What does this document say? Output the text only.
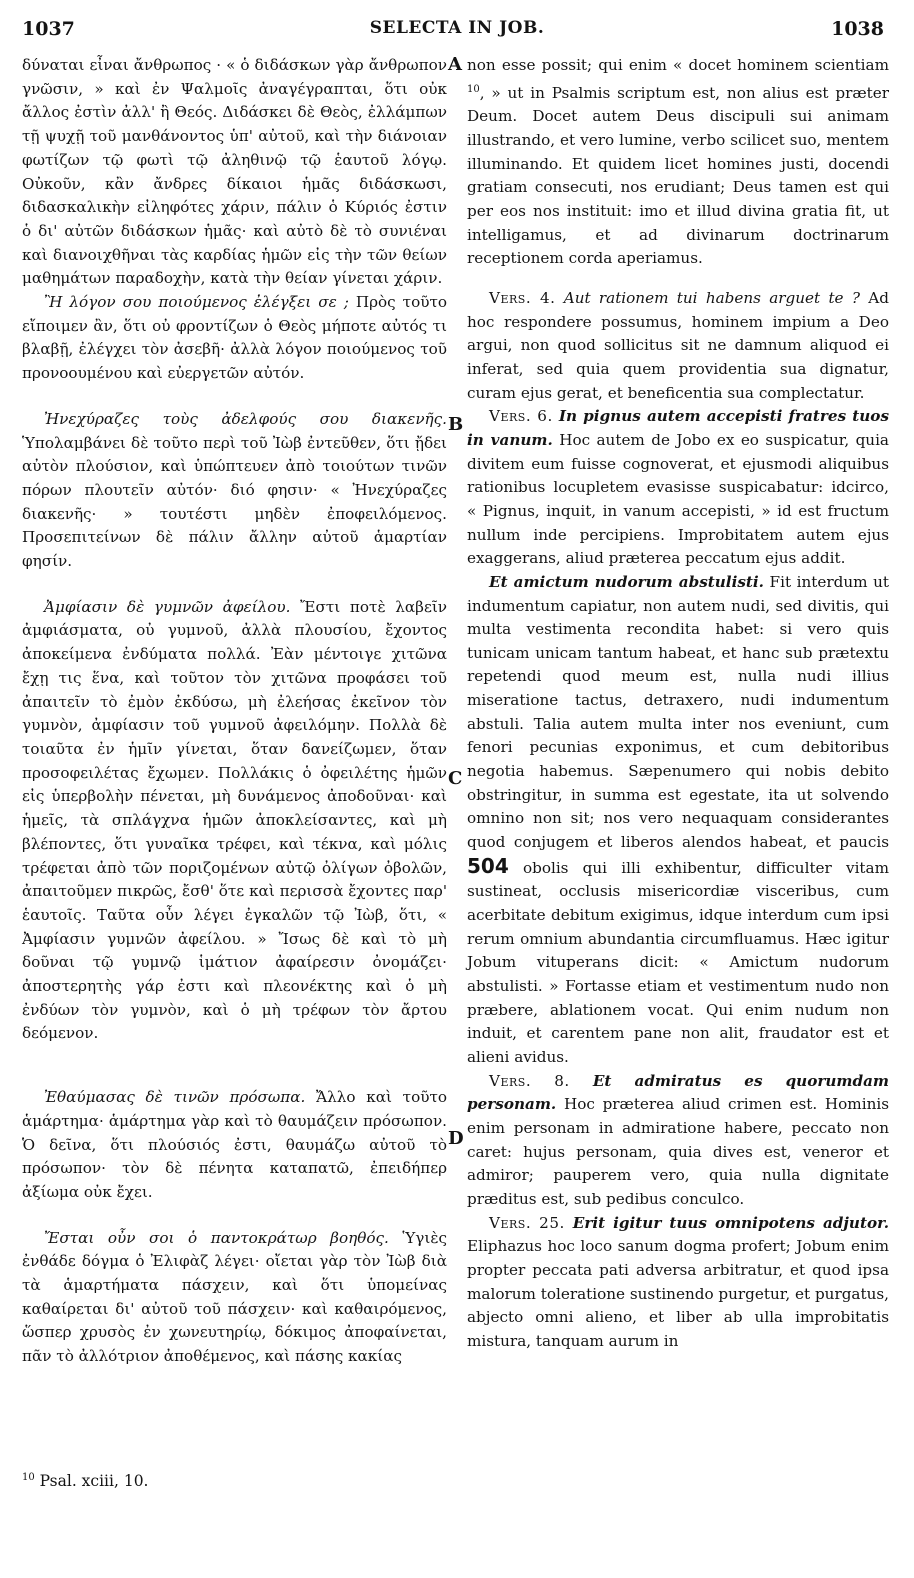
1037	SELECTA IN JOB.	1038
A
B
C
D

δύναται εἶναι ἄνθρωπος · « ὁ διδάσκων γὰρ ἄνθρωπον γνῶσιν, » καὶ ἐν Ψαλμοῖς ἀναγέγραπται, ὅτι οὐκ ἄλλος ἐστὶν ἀλλ' ἢ Θεός. Διδάσκει δὲ Θεὸς, ἐλλάμπων τῇ ψυχῇ τοῦ μανθάνοντος ὑπ' αὐτοῦ, καὶ τὴν διάνοιαν φωτίζων τῷ φωτὶ τῷ ἀληθινῷ τῷ ἑαυτοῦ λόγῳ. Οὐκοῦν, κἂν ἄνδρες δίκαιοι ἡμᾶς διδάσκωσι, διδασκαλικὴν εἰληφότες χάριν, πάλιν ὁ Κύριός ἐστιν ὁ δι' αὐτῶν διδάσκων ἡμᾶς· καὶ αὐτὸ δὲ τὸ συνιέναι καὶ διανοιχθῆναι τὰς καρδίας ἡμῶν εἰς τὴν τῶν θείων μαθημάτων παραδοχὴν, κατὰ τὴν θείαν γίνεται χάριν.

Ἢ λόγον σου ποιούμενος ἐλέγξει σε ; Πρὸς τοῦτο εἴποιμεν ἂν, ὅτι οὐ φροντίζων ὁ Θεὸς μήποτε αὐτός τι βλαβῇ, ἐλέγχει τὸν ἀσεβῆ· ἀλλὰ λόγον ποιούμενος τοῦ προνοουμένου καὶ εὐεργετῶν αὐτόν.

Ἠνεχύραζες τοὺς ἀδελφούς σου διακενῆς. Ὑπολαμβάνει δὲ τοῦτο περὶ τοῦ Ἰὼβ ἐντεῦθεν, ὅτι ᾔδει αὐτὸν πλούσιον, καὶ ὑπώπτευεν ἀπὸ τοιούτων τινῶν πόρων πλουτεῖν αὐτόν· διό φησιν· « Ἠνεχύραζες διακενῆς· » τουτέστι μηδὲν ἐποφειλόμενος. Προσεπιτείνων δὲ πάλιν ἄλλην αὐτοῦ ἁμαρτίαν φησίν.

Ἀμφίασιν δὲ γυμνῶν ἀφείλου. Ἔστι ποτὲ λαβεῖν ἀμφιάσματα, οὐ γυμνοῦ, ἀλλὰ πλουσίου, ἔχοντος ἀποκείμενα ἐνδύματα πολλά. Ἐὰν μέντοιγε χιτῶνα ἔχῃ τις ἕνα, καὶ τοῦτον τὸν χιτῶνα προφάσει τοῦ ἀπαιτεῖν τὸ ἐμὸν ἐκδύσω, μὴ ἐλεήσας ἐκεῖνον τὸν γυμνὸν, ἀμφίασιν τοῦ γυμνοῦ ἀφειλόμην. Πολλὰ δὲ τοιαῦτα ἐν ἡμῖν γίνεται, ὅταν δανείζωμεν, ὅταν προσοφειλέτας ἔχωμεν. Πολλάκις ὁ ὀφειλέτης ἡμῶν εἰς ὑπερβολὴν πένεται, μὴ δυνάμενος ἀποδοῦναι· καὶ ἡμεῖς, τὰ σπλάγχνα ἡμῶν ἀποκλείσαντες, καὶ μὴ βλέποντες, ὅτι γυναῖκα τρέφει, καὶ τέκνα, καὶ μόλις τρέφεται ἀπὸ τῶν ποριζομένων αὐτῷ ὀλίγων ὀβολῶν, ἀπαιτοῦμεν πικρῶς, ἔσθ' ὅτε καὶ περισσὰ ἔχοντες παρ' ἑαυτοῖς. Ταῦτα οὖν λέγει ἐγκαλῶν τῷ Ἰὼβ, ὅτι, « Ἀμφίασιν γυμνῶν ἀφείλου. » Ἴσως δὲ καὶ τὸ μὴ δοῦναι τῷ γυμνῷ ἱμάτιον ἀφαίρεσιν ὀνομάζει· ἀποστερητὴς γάρ ἐστι καὶ πλεονέκτης καὶ ὁ μὴ ἐνδύων τὸν γυμνὸν, καὶ ὁ μὴ τρέφων τὸν ἄρτου δεόμενον.

Ἐθαύμασας δὲ τινῶν πρόσωπα. Ἄλλο καὶ τοῦτο ἁμάρτημα· ἁμάρτημα γὰρ καὶ τὸ θαυμάζειν πρόσωπον. Ὁ δεῖνα, ὅτι πλούσιός ἐστι, θαυμάζω αὐτοῦ τὸ πρόσωπον· τὸν δὲ πένητα καταπατῶ, ἐπειδήπερ ἀξίωμα οὐκ ἔχει.

Ἔσται οὖν σοι ὁ παντοκράτωρ βοηθός. Ὑγιὲς ἐνθάδε δόγμα ὁ Ἐλιφὰζ λέγει· οἴεται γὰρ τὸν Ἰὼβ διὰ τὰ ἁμαρτήματα πάσχειν, καὶ ὅτι ὑπομείνας καθαίρεται δι' αὐτοῦ τοῦ πάσχειν· καὶ καθαιρόμενος, ὥσπερ χρυσὸς ἐν χωνευτηρίῳ, δόκιμος ἀποφαίνεται, πᾶν τὸ ἀλλότριον ἀποθέμενος, καὶ πάσης κακίας

non esse possit; qui enim « docet hominem scientiam $^{10}$, » ut in Psalmis scriptum est, non alius est præter Deum. Docet autem Deus discipuli sui animam illustrando, et vero lumine, verbo scilicet suo, mentem illuminando. Et quidem licet homines justi, docendi gratiam consecuti, nos erudiant; Deus tamen est qui per eos nos instituit: imo et illud divina gratia fit, ut intelligamus, et ad divinarum doctrinarum receptionem corda aperiamus.

Vers. 4. Aut rationem tui habens arguet te ? Ad hoc respondere possumus, hominem impium a Deo argui, non quod sollicitus sit ne damnum aliquod ei inferat, sed quia quem providentia sua dignatur, curam ejus gerat, et beneficentia sua complectatur.

Vers. 6. In pignus autem accepisti fratres tuos in vanum. Hoc autem de Jobo ex eo suspicatur, quia divitem eum fuisse cognoverat, et ejusmodi aliquibus rationibus locupletem evasisse suspicabatur: idcirco, « Pignus, inquit, in vanum accepisti, » id est fructum nullum inde percipiens. Improbitatem autem ejus exaggerans, aliud præterea peccatum ejus addit.

Et amictum nudorum abstulisti. Fit interdum ut indumentum capiatur, non autem nudi, sed divitis, qui multa vestimenta recondita habet: si vero quis tunicam unicam tantum habeat, et hanc sub prætextu repetendi quod meum est, nulla nudi illius miseratione tactus, detraxero, nudi indumentum abstuli. Talia autem multa inter nos eveniunt, cum fenori pecunias exponimus, et cum debitoribus negotia habemus. Sæpenumero qui nobis debito obstringitur, in summa est egestate, ita ut solvendo omnino non sit; nos vero nequaquam considerantes quod conjugem et liberos alendos habeat, et paucis 504 obolis qui illi exhibentur, difficulter vitam sustineat, occlusis misericordiæ visceribus, cum acerbitate debitum exigimus, idque interdum cum ipsi rerum omnium abundantia circumfluamus. Hæc igitur Jobum vituperans dicit: « Amictum nudorum abstulisti. » Fortasse etiam et vestimentum nudo non præbere, ablationem vocat. Qui enim nudum non induit, et carentem pane non alit, fraudator est et alieni avidus.

Vers. 8. Et admiratus es quorumdam personam. Hoc præterea aliud crimen est. Hominis enim personam in admiratione habere, peccato non caret: hujus personam, quia dives est, veneror et admiror; pauperem vero, quia nulla dignitate præditus est, sub pedibus conculco.

Vers. 25. Erit igitur tuus omnipotens adjutor. Eliphazus hoc loco sanum dogma profert; Jobum enim propter peccata pati adversa arbitratur, et quod ipsa malorum toleratione sustinendo purgetur, et purgatus, abjecto omni alieno, et liber ab ulla improbitatis mistura, tanquam aurum in

$^{10}$ Psal. xciii, 10.
